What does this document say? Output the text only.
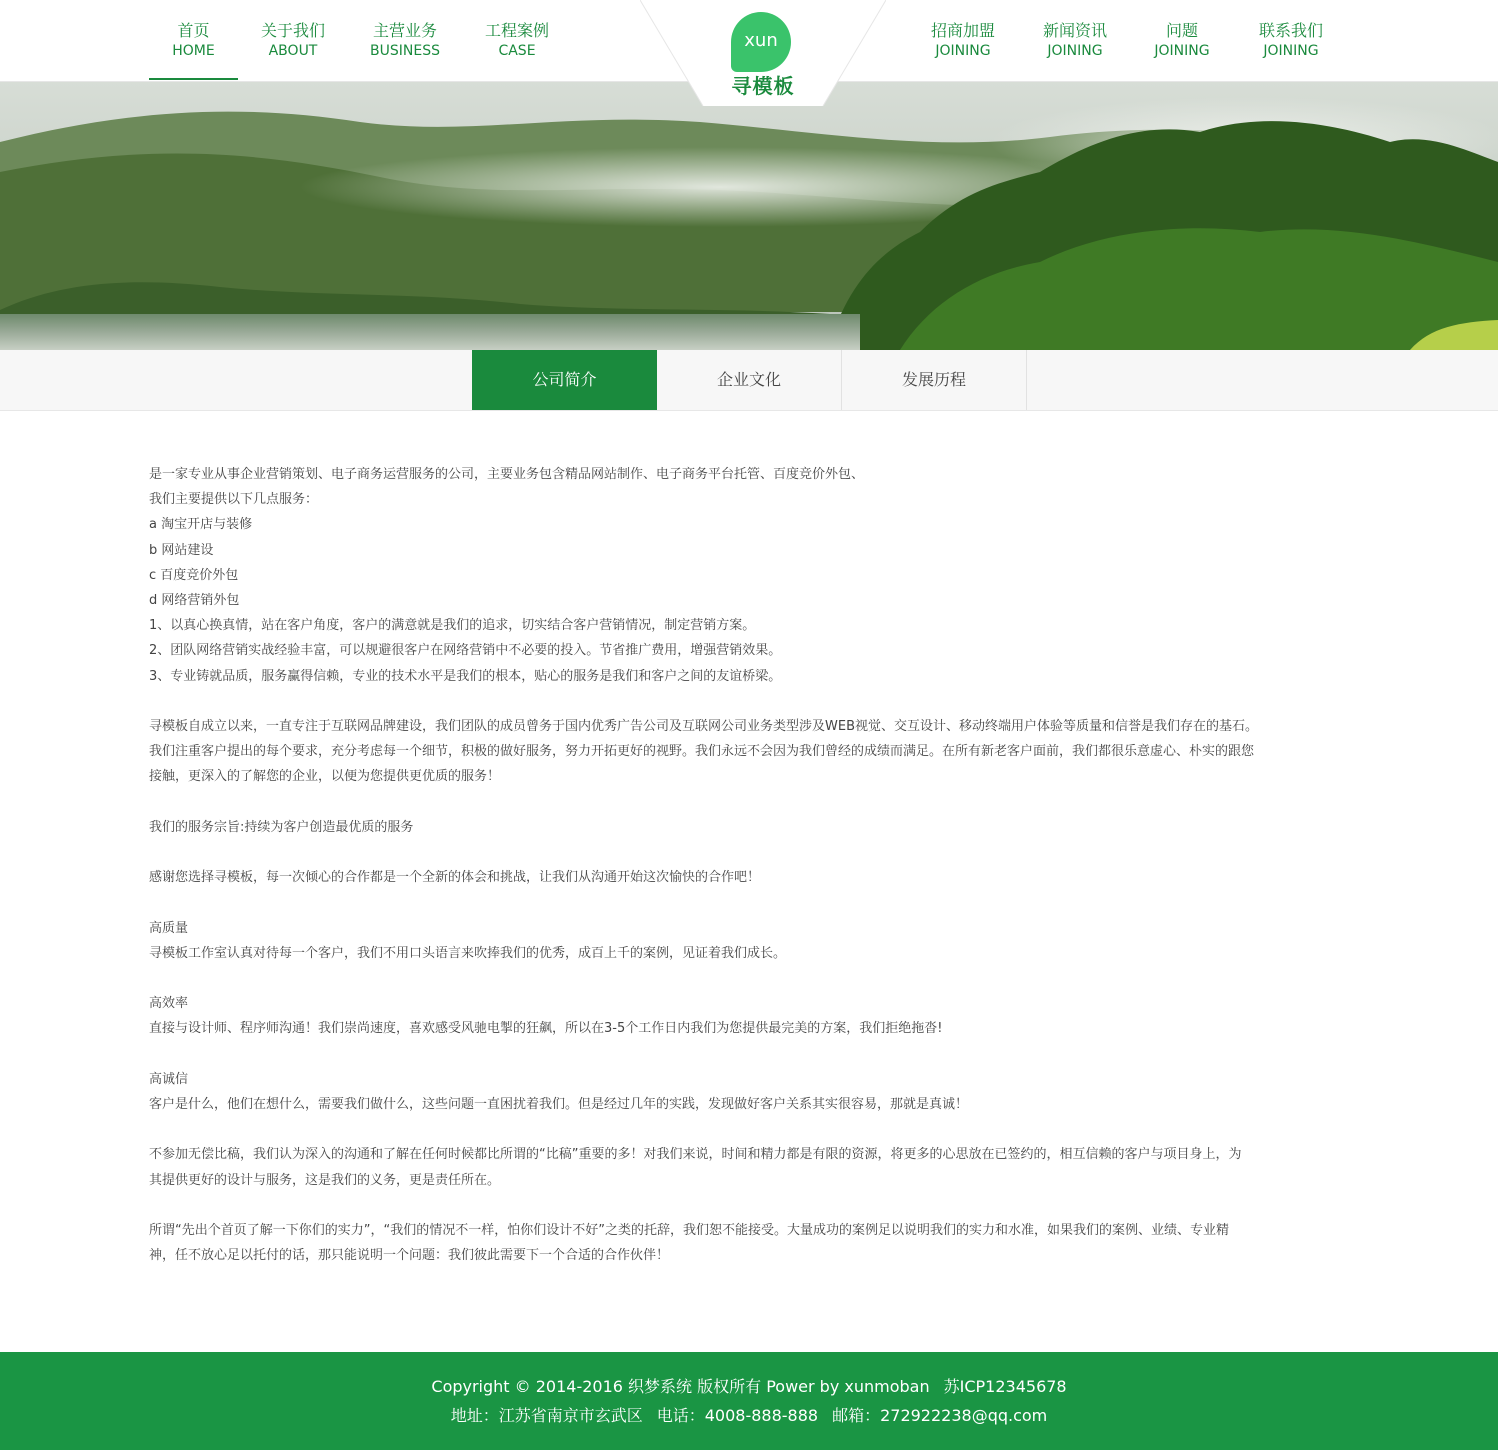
首页
HOME
关于我们
ABOUT
主营业务
BUSINESS
工程案例
CASE
招商加盟
JOINING
新闻资讯
JOINING
问题
JOINING
联系我们
JOINING
xun
寻模板
公司简介	企业文化	发展历程

是一家专业从事企业营销策划、电子商务运营服务的公司，主要业务包含精品网站制作、电子商务平台托管、百度竞价外包、

我们主要提供以下几点服务：

a 淘宝开店与装修

b 网站建设

c 百度竞价外包

d 网络营销外包

1、以真心换真情，站在客户角度，客户的满意就是我们的追求，切实结合客户营销情况，制定营销方案。

2、团队网络营销实战经验丰富，可以规避很客户在网络营销中不必要的投入。节省推广费用，增强营销效果。

3、专业铸就品质，服务赢得信赖，专业的技术水平是我们的根本，贴心的服务是我们和客户之间的友谊桥梁。

寻模板自成立以来，一直专注于互联网品牌建设，我们团队的成员曾务于国内优秀广告公司及互联网公司业务类型涉及WEB视觉、交互设计、移动终端用户体验等质量和信誉是我们存在的基石。

我们注重客户提出的每个要求，充分考虑每一个细节，积极的做好服务，努力开拓更好的视野。我们永远不会因为我们曾经的成绩而满足。在所有新老客户面前，我们都很乐意虚心、朴实的跟您

接触，更深入的了解您的企业，以便为您提供更优质的服务！

我们的服务宗旨:持续为客户创造最优质的服务

感谢您选择寻模板，每一次倾心的合作都是一个全新的体会和挑战，让我们从沟通开始这次愉快的合作吧！

高质量

寻模板工作室认真对待每一个客户，我们不用口头语言来吹捧我们的优秀，成百上千的案例，见证着我们成长。

高效率

直接与设计师、程序师沟通！我们崇尚速度，喜欢感受风驰电掣的狂飙，所以在3-5个工作日内我们为您提供最完美的方案，我们拒绝拖沓!

高诚信

客户是什么，他们在想什么，需要我们做什么，这些问题一直困扰着我们。但是经过几年的实践，发现做好客户关系其实很容易，那就是真诚！

不参加无偿比稿，我们认为深入的沟通和了解在任何时候都比所谓的“比稿”重要的多！对我们来说，时间和精力都是有限的资源，将更多的心思放在已签约的，相互信赖的客户与项目身上，为

其提供更好的设计与服务，这是我们的义务，更是责任所在。

所谓“先出个首页了解一下你们的实力”，“我们的情况不一样，怕你们设计不好”之类的托辞，我们恕不能接受。大量成功的案例足以说明我们的实力和水准，如果我们的案例、业绩、专业精

神，任不放心足以托付的话，那只能说明一个问题：我们彼此需要下一个合适的合作伙伴！

Copyright © 2014-2016 织梦系统 版权所有 Power by xunmoban 苏ICP12345678
地址：江苏省南京市玄武区 电话：4008-888-888 邮箱：272922238@qq.com
